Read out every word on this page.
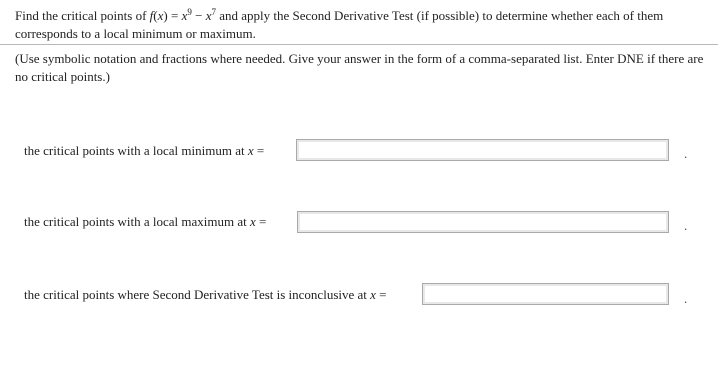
Find the critical points of $f(x) = x^9 - x^7$ and apply the Second Derivative Test (if possible) to determine whether each of them corresponds to a local minimum or maximum.

(Use symbolic notation and fractions where needed. Give your answer in the form of a comma-separated list. Enter DNE if there are no critical points.)
the critical points with a local minimum at x =	.
the critical points with a local maximum at x =	.
the critical points where Second Derivative Test is inconclusive at x =	.
